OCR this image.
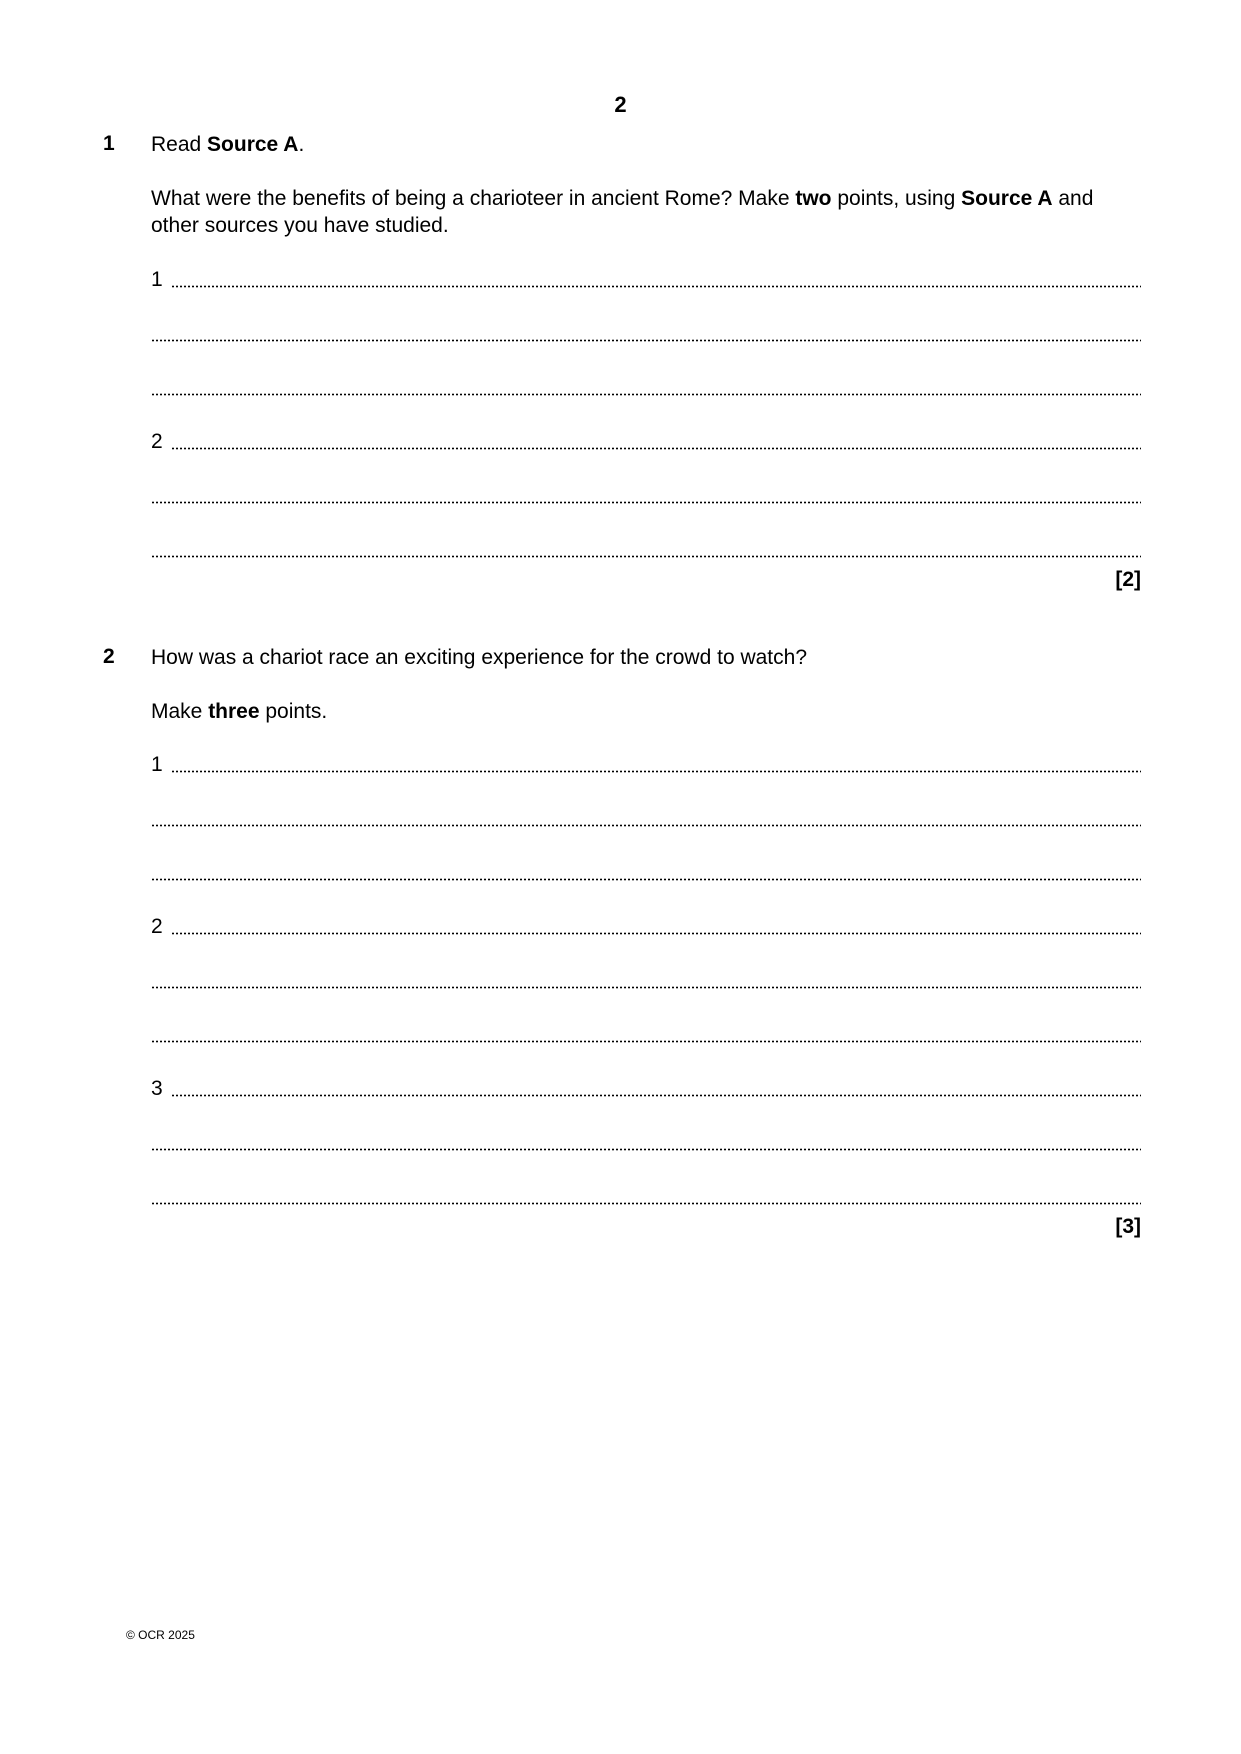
2
1 Read Source A.
What were the benefits of being a charioteer in ancient Rome? Make two points, using Source A and other sources you have studied.
1
2
[2]
2 How was a chariot race an exciting experience for the crowd to watch?
Make three points.
1
2
3
[3]
© OCR 2025
